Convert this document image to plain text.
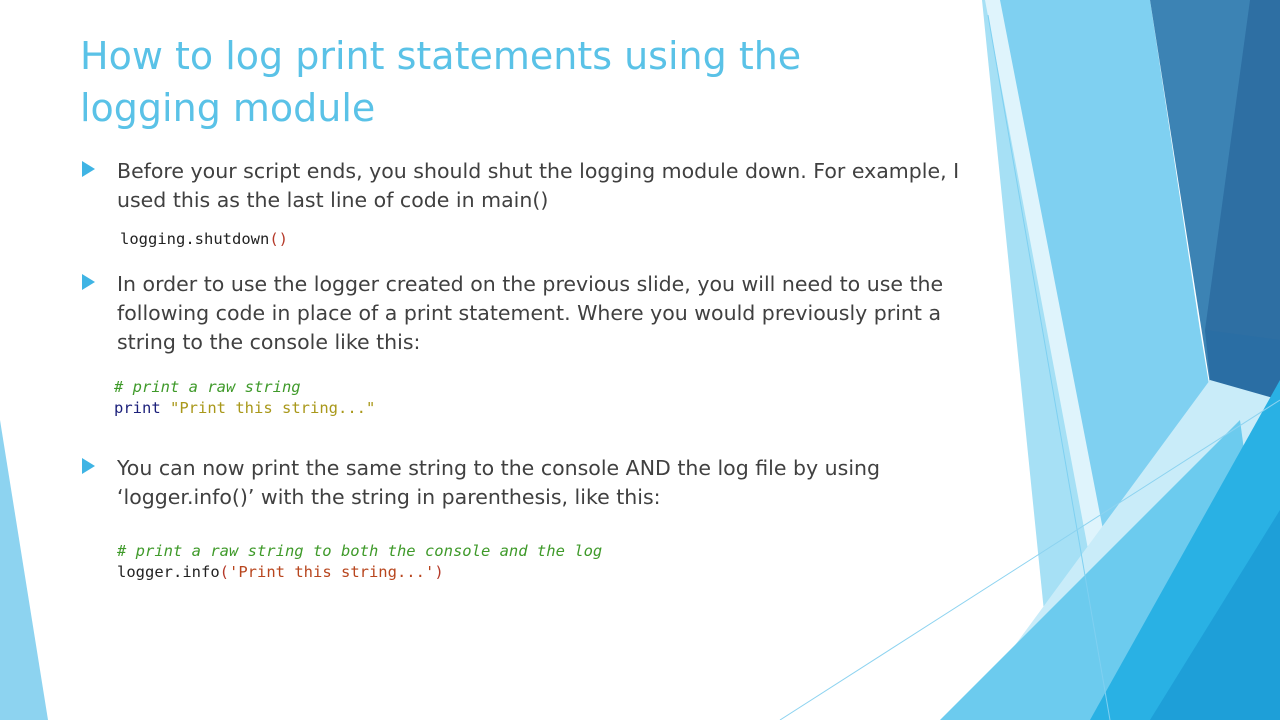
How to log print statements using the logging module
Before your script ends, you should shut the logging module down. For example, I used this as the last line of code in main()
logging.shutdown()
In order to use the logger created on the previous slide, you will need to use the following code in place of a print statement. Where you would previously print a string to the console like this:
# print a raw string
print "Print this string..."
You can now print the same string to the console AND the log file by using ‘logger.info()’ with the string in parenthesis, like this:
# print a raw string to both the console and the log
logger.info('Print this string...')
